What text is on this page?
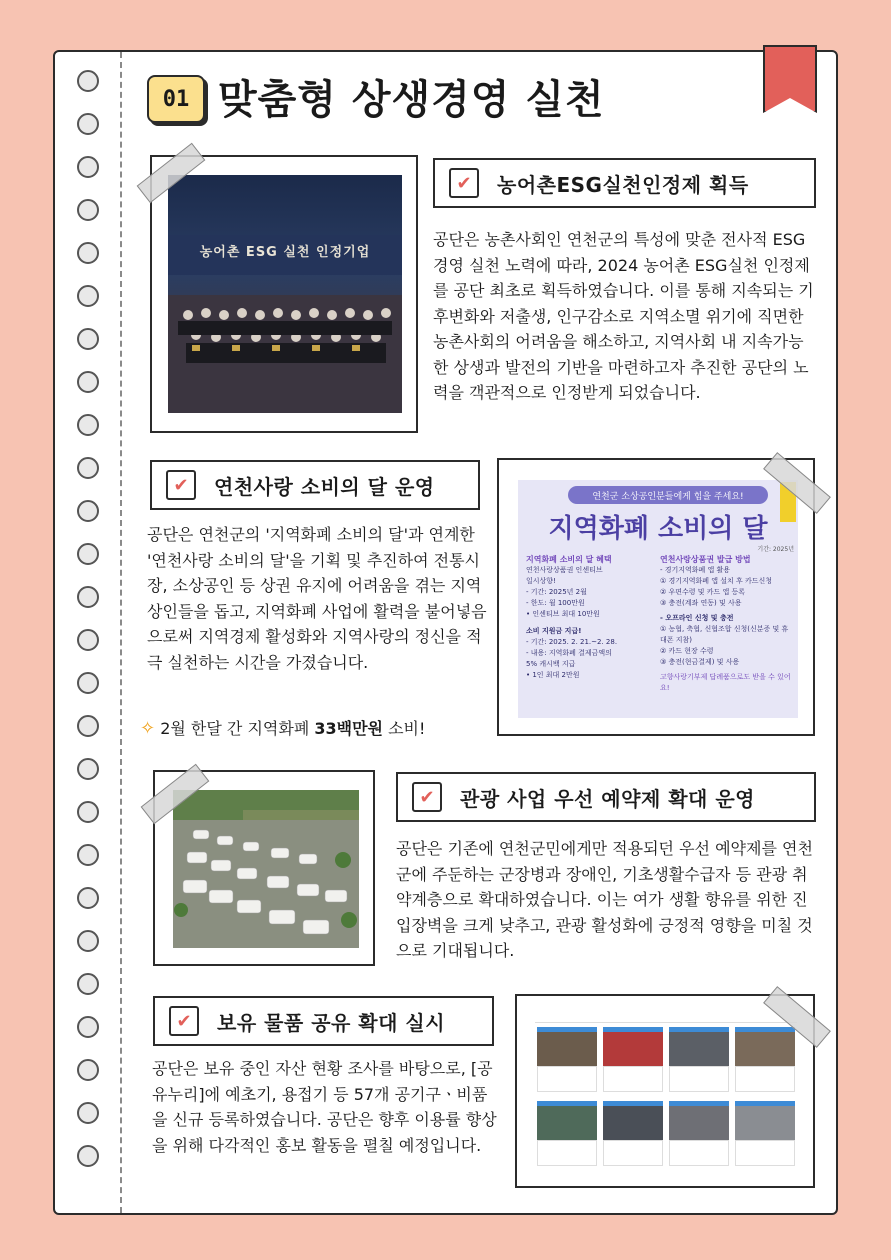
01 맞춤형 상생경영 실천
농어촌 ESG 실천 인정기업
✔	농어촌ESG실천인정제 획득
공단은 농촌사회인 연천군의 특성에 맞춘 전사적 ESG경영 실천 노력에 따라, 2024 농어촌 ESG실천 인정제를 공단 최초로 획득하였습니다. 이를 통해 지속되는 기후변화와 저출생, 인구감소로 지역소멸 위기에 직면한 농촌사회의 어려움을 해소하고, 지역사회 내 지속가능한 상생과 발전의 기반을 마련하고자 추진한 공단의 노력을 객관적으로 인정받게 되었습니다.
✔	연천사랑 소비의 달 운영
공단은 연천군의 '지역화폐 소비의 달'과 연계한 '연천사랑 소비의 달'을 기획 및 추진하여 전통시장, 소상공인 등 상권 유지에 어려움을 겪는 지역 상인들을 돕고, 지역화폐 사업에 활력을 불어넣음으로써 지역경제 활성화와 지역사랑의 정신을 적극 실천하는 시간을 가졌습니다.
✧ 2월 한달 간 지역화폐 33백만원 소비!
연천군 소상공인분들에게 힘을 주세요!
지역화폐 소비의 달
기간: 2025년
지역화폐 소비의 달 혜택
연천사랑상품권 인센티브
일시상향!
- 기간: 2025년 2월
- 한도: 월 100만원
• 인센티브 최대 10만원
소비 지원금 지급!
- 기간: 2025. 2. 21.~2. 28.
- 내용: 지역화폐 결제금액의
5% 캐시백 지급
• 1인 최대 2만원
연천사랑상품권 발급 방법
- 경기지역화폐 앱 활용
① 경기지역화폐 앱 설치 후 카드신청
② 우편수령 및 카드 앱 등록
③ 충전(계좌 연동) 및 사용
- 오프라인 신청 및 충전
① 농협, 축협, 신협조합 신청(신분증 및 휴대폰 지참)
② 카드 현장 수령
③ 충전(현금결제) 및 사용
고향사랑기부제 답례품으로도 받을 수 있어요!
✔	관광 사업 우선 예약제 확대 운영
공단은 기존에 연천군민에게만 적용되던 우선 예약제를 연천군에 주둔하는 군장병과 장애인, 기초생활수급자 등 관광 취약계층으로 확대하였습니다. 이는 여가 생활 향유를 위한 진입장벽을 크게 낮추고, 관광 활성화에 긍정적 영향을 미칠 것으로 기대됩니다.
✔	보유 물품 공유 확대 실시
공단은 보유 중인 자산 현황 조사를 바탕으로, [공유누리]에 예초기, 용접기 등 57개 공기구ㆍ비품을 신규 등록하였습니다. 공단은 향후 이용률 향상을 위해 다각적인 홍보 활동을 펼칠 예정입니다.
